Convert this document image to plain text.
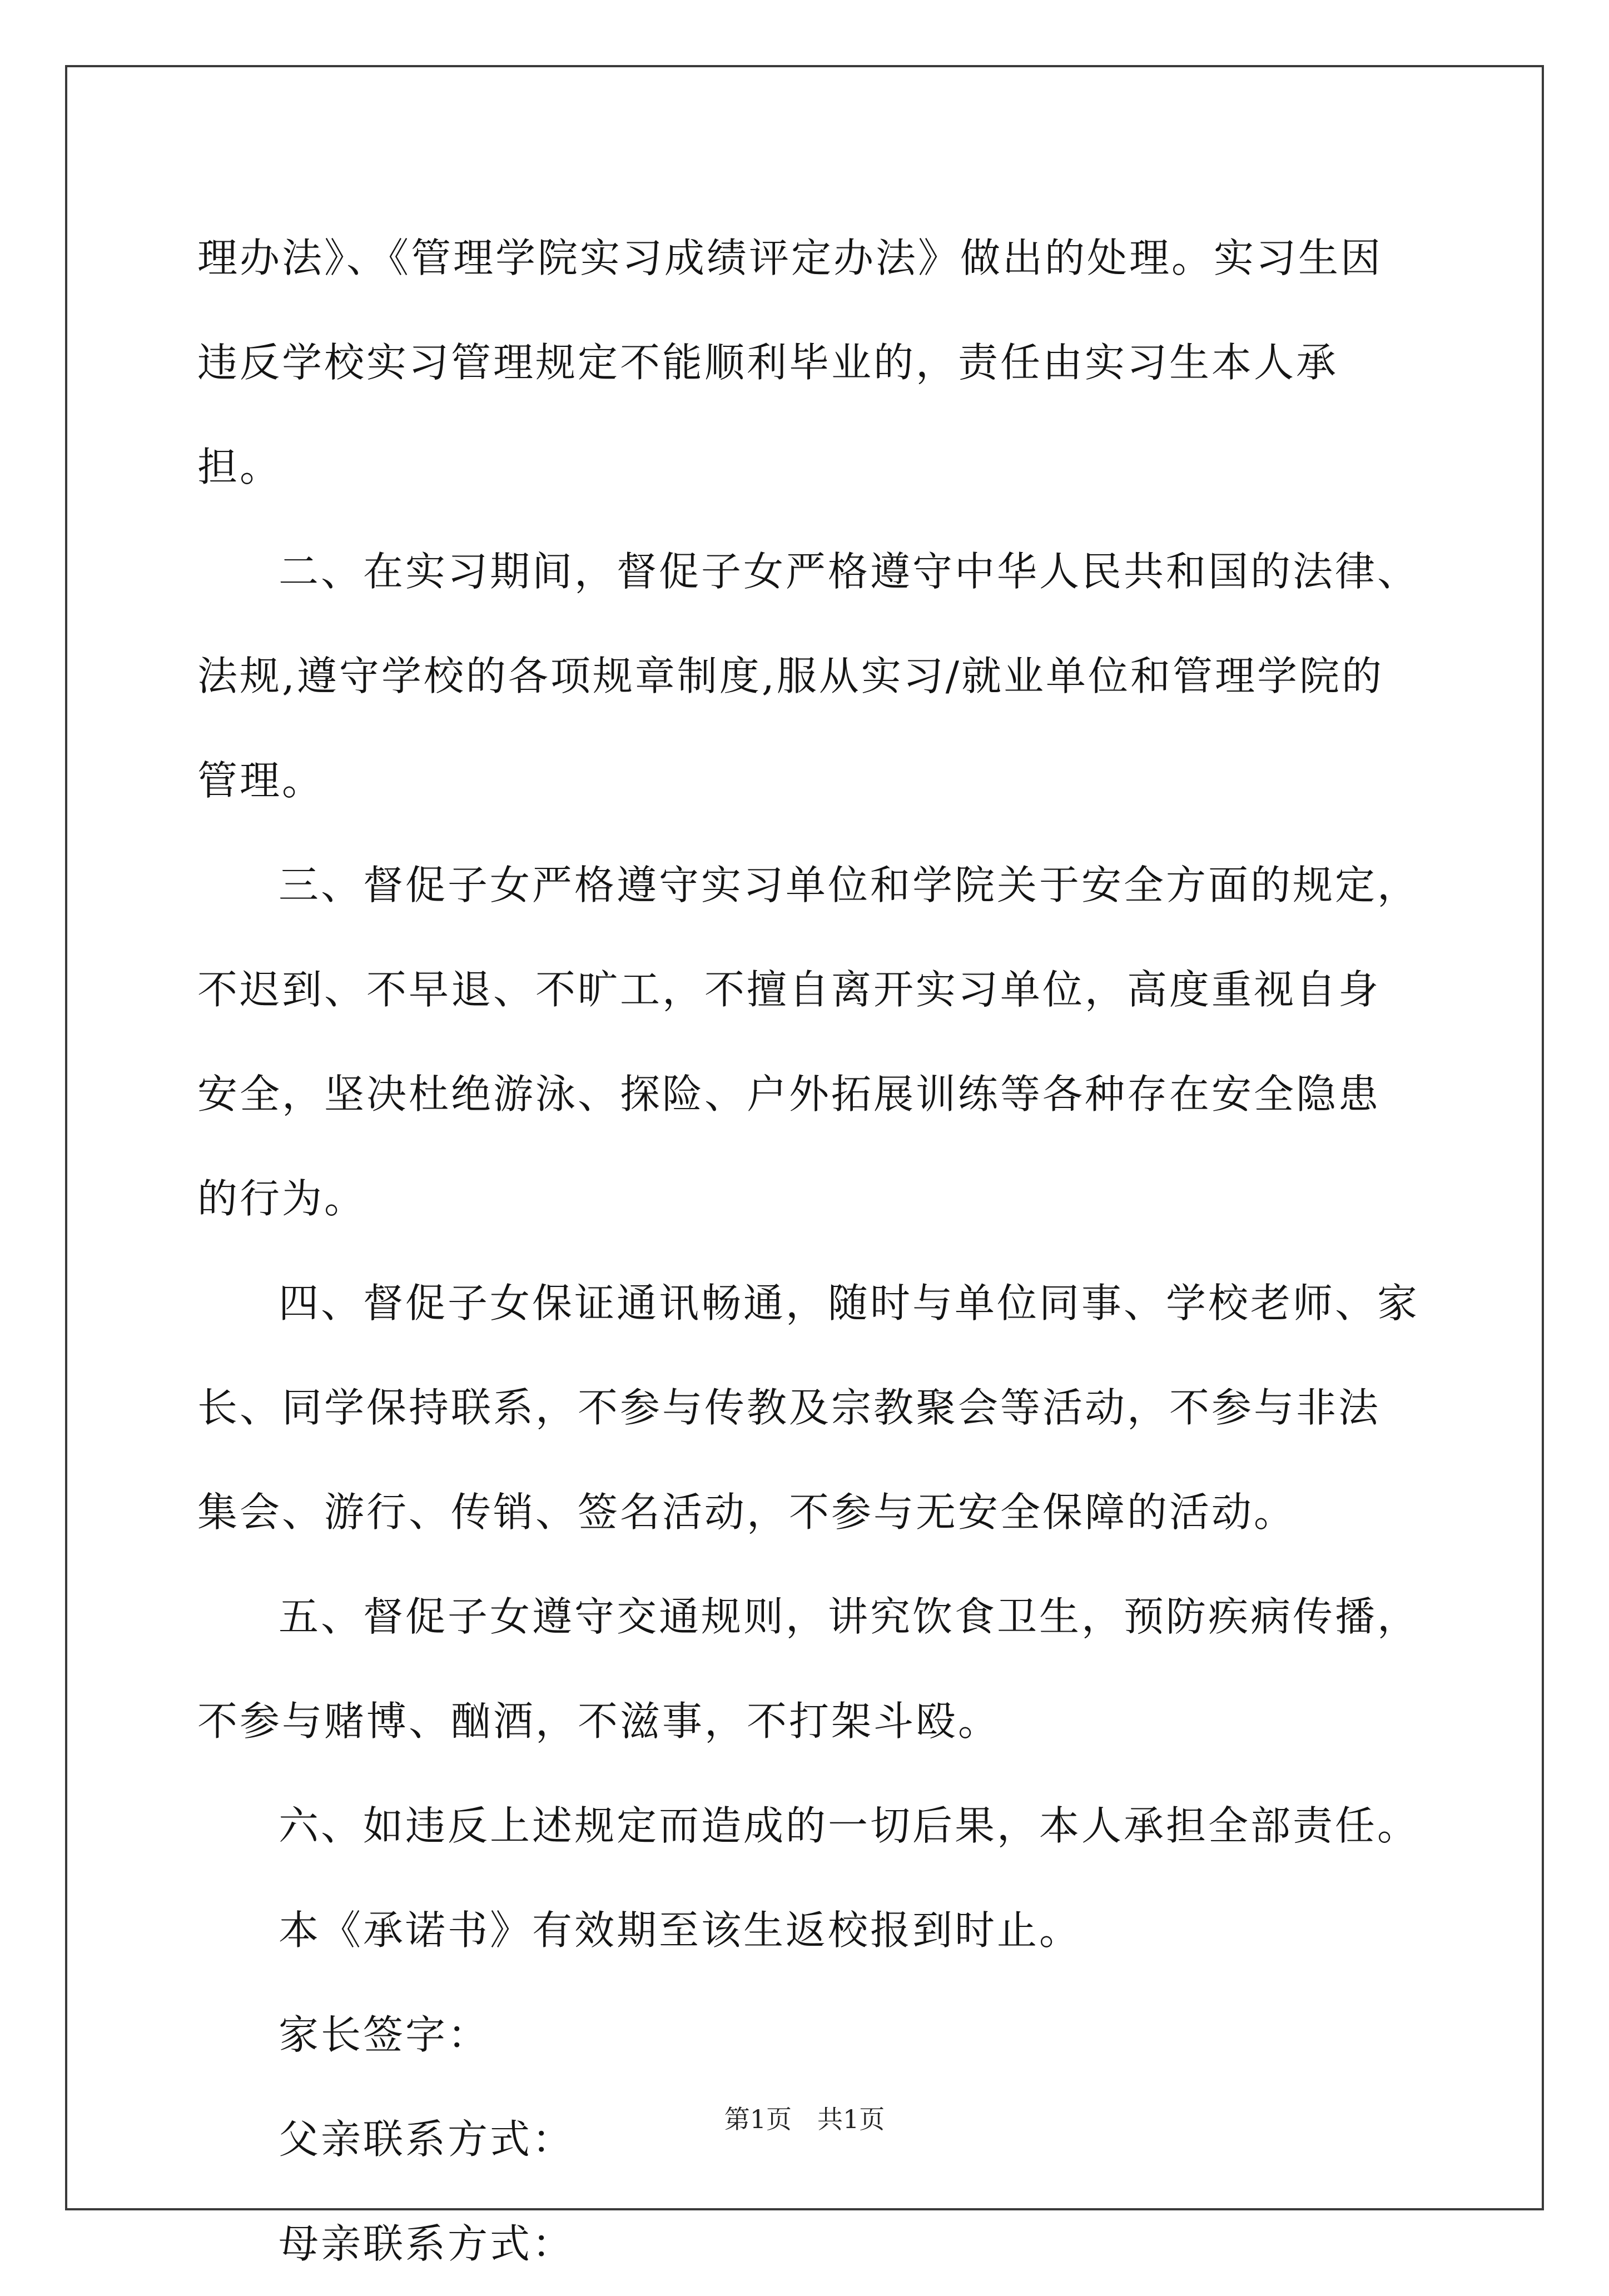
理办法》、《管理学院实习成绩评定办法》做出的处理。实习生因违反学校实习管理规定不能顺利毕业的，责任由实习生本人承担。

二、在实习期间，督促子女严格遵守中华人民共和国的法律、法规,遵守学校的各项规章制度,服从实习/就业单位和管理学院的管理。

三、督促子女严格遵守实习单位和学院关于安全方面的规定，不迟到、不早退、不旷工，不擅自离开实习单位，高度重视自身安全，坚决杜绝游泳、探险、户外拓展训练等各种存在安全隐患的行为。

四、督促子女保证通讯畅通，随时与单位同事、学校老师、家长、同学保持联系，不参与传教及宗教聚会等活动，不参与非法集会、游行、传销、签名活动，不参与无安全保障的活动。

五、督促子女遵守交通规则，讲究饮食卫生，预防疾病传播，不参与赌博、酗酒，不滋事，不打架斗殴。

六、如违反上述规定而造成的一切后果，本人承担全部责任。

本《承诺书》有效期至该生返校报到时止。

家长签字：

父亲联系方式：

母亲联系方式：

第1页 共1页
